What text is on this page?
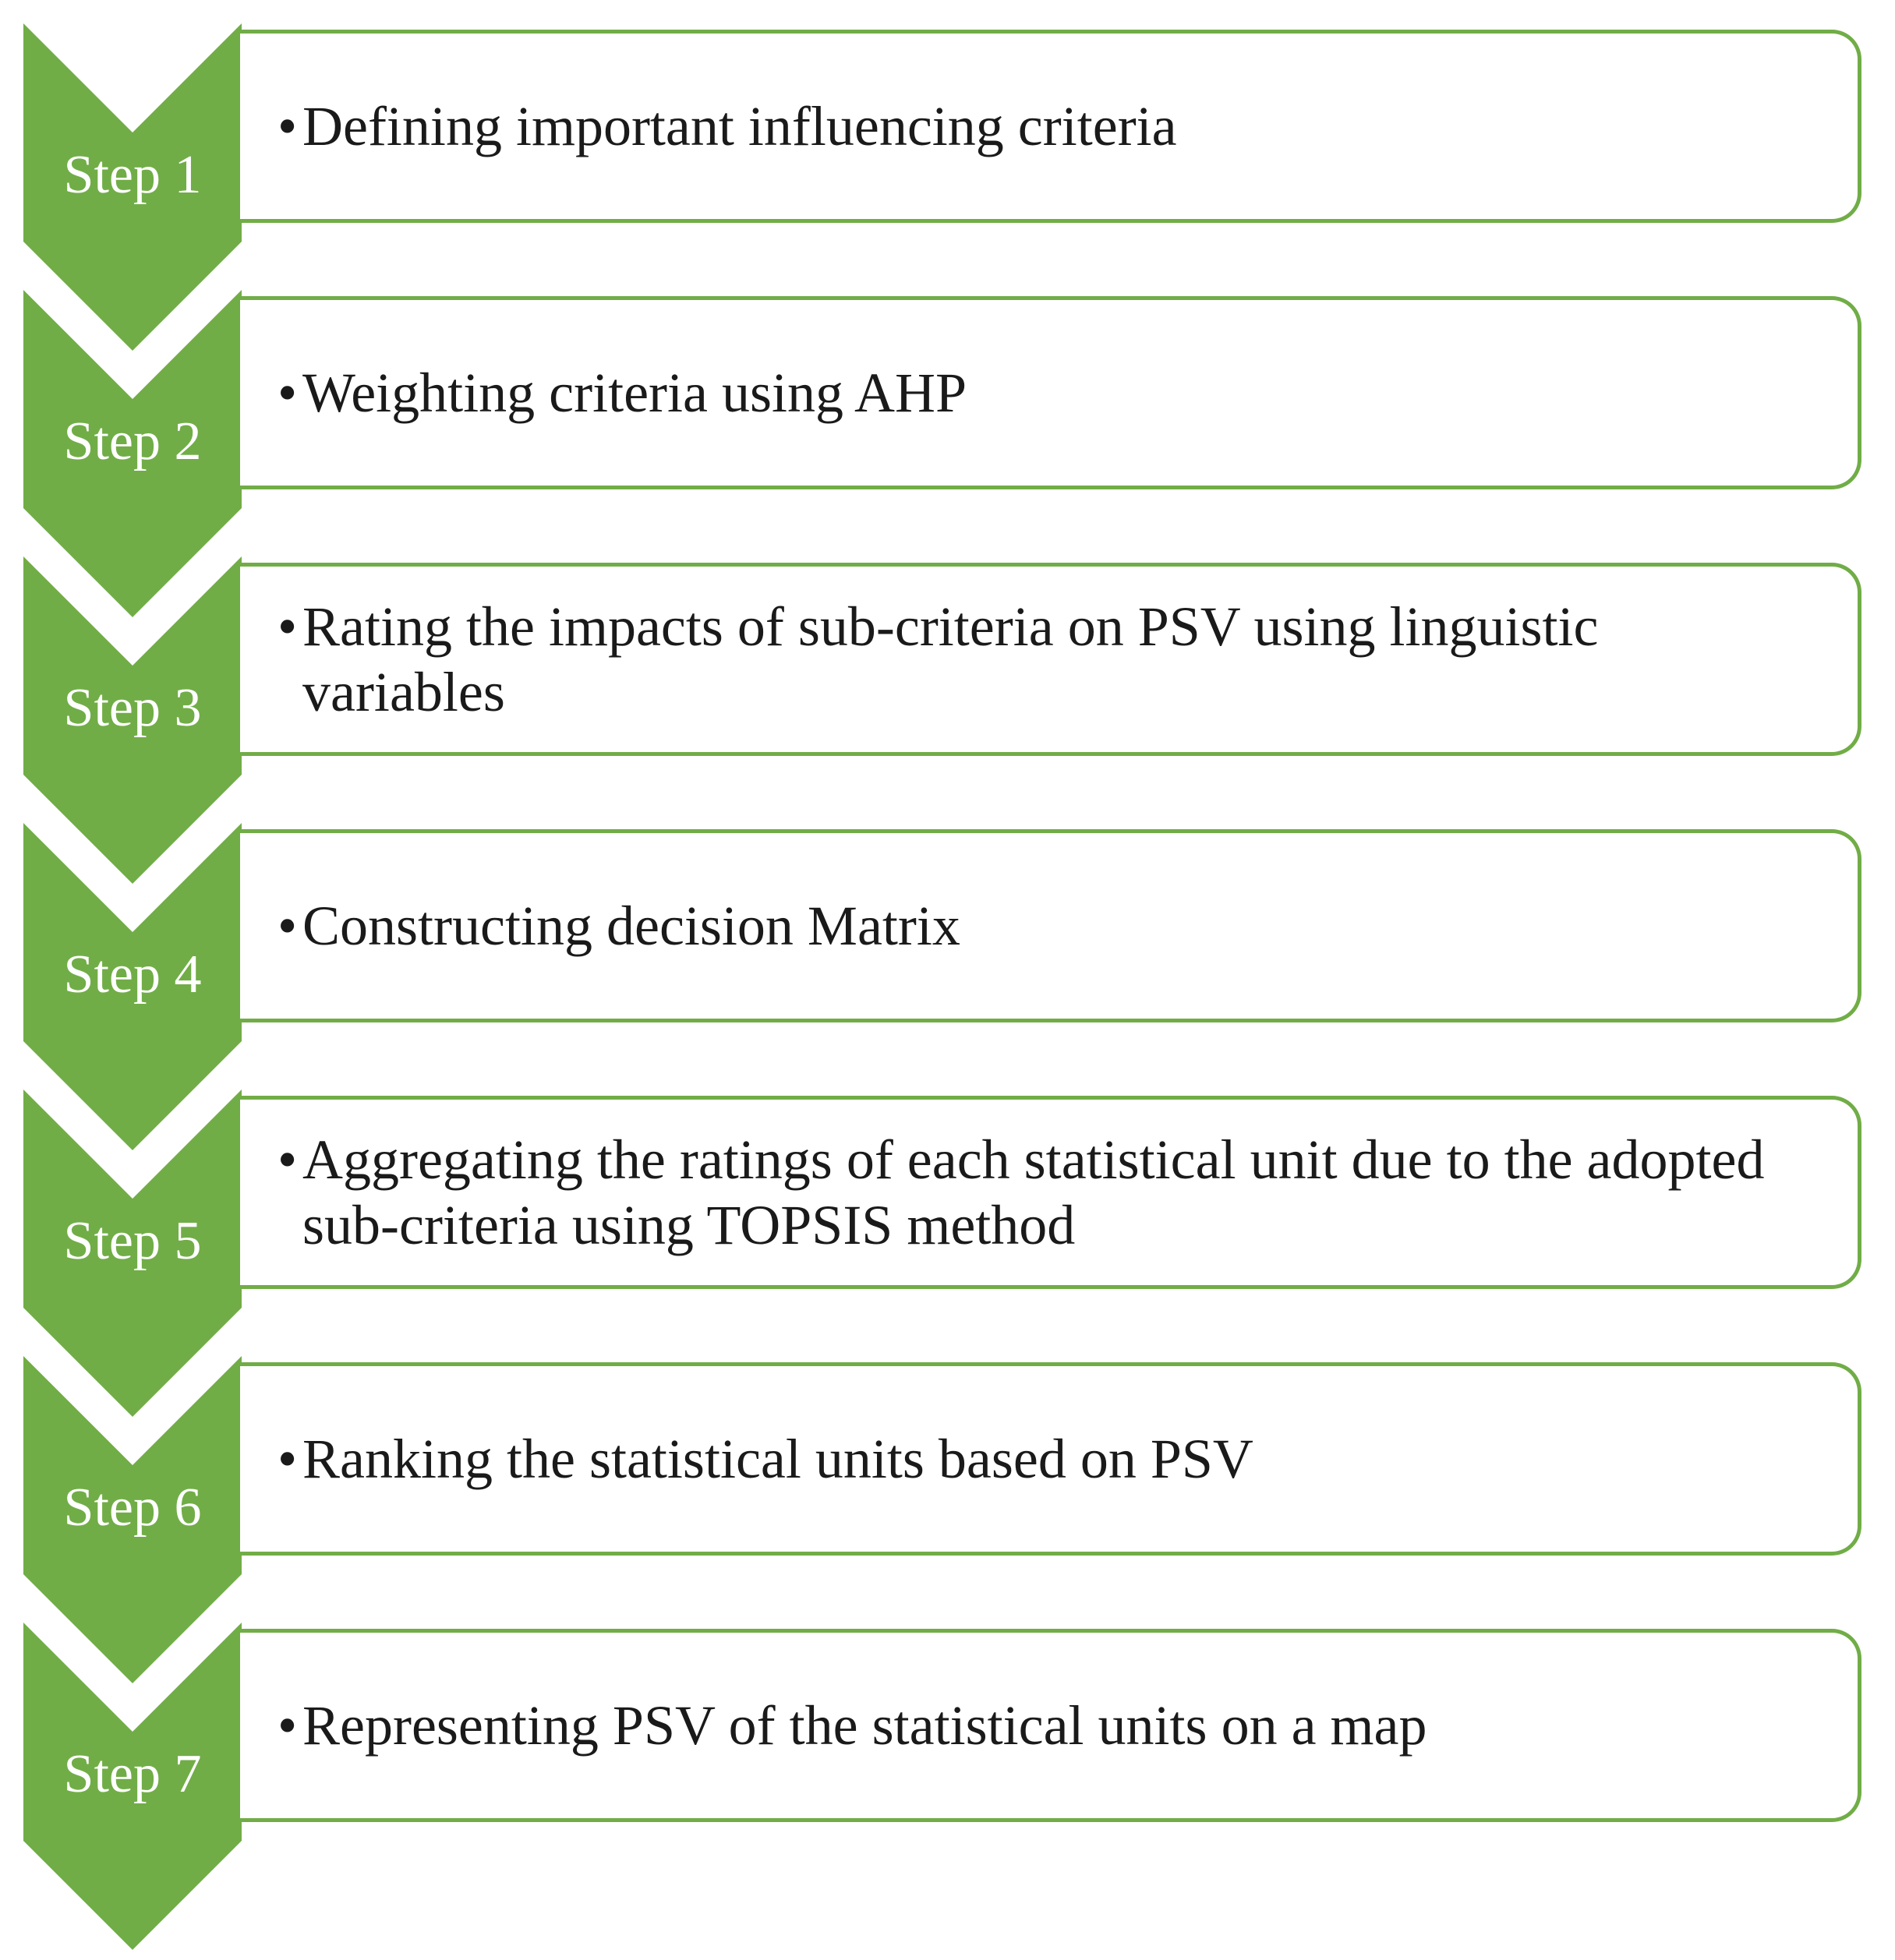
Step 1
• Defining important influencing criteria
Step 2
• Weighting criteria using AHP
Step 3
• Rating the impacts of sub-criteria on PSV using linguistic variables
Step 4
• Constructing decision Matrix
Step 5
• Aggregating the ratings of each statistical unit due to the adopted sub-criteria using TOPSIS method
Step 6
• Ranking the statistical units based on PSV
Step 7
• Representing PSV of the statistical units on a map
